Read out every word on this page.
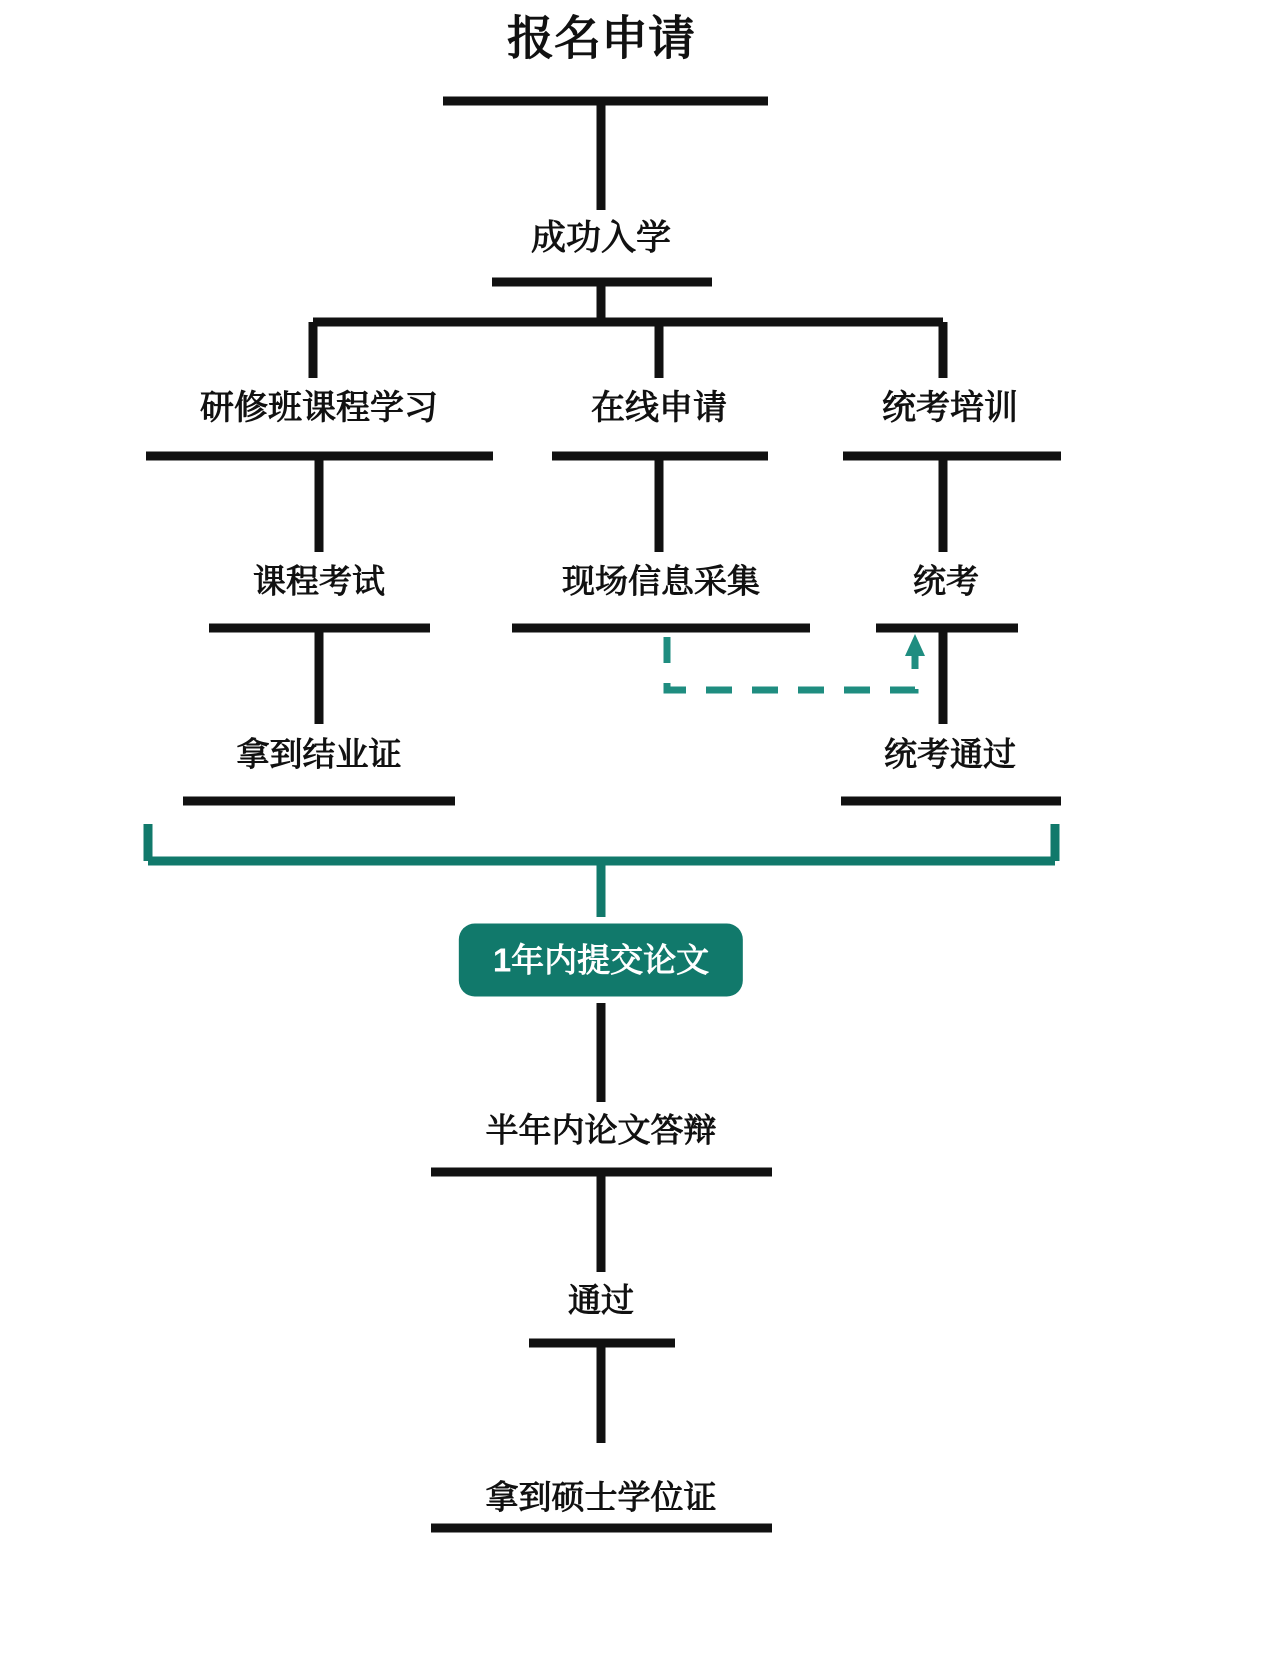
报名申请
成功入学
研修班课程学习	在线申请	统考培训
课程考试	现场信息采集	统考
拿到结业证	统考通过
1年内提交论文
半年内论文答辩
通过
拿到硕士学位证
